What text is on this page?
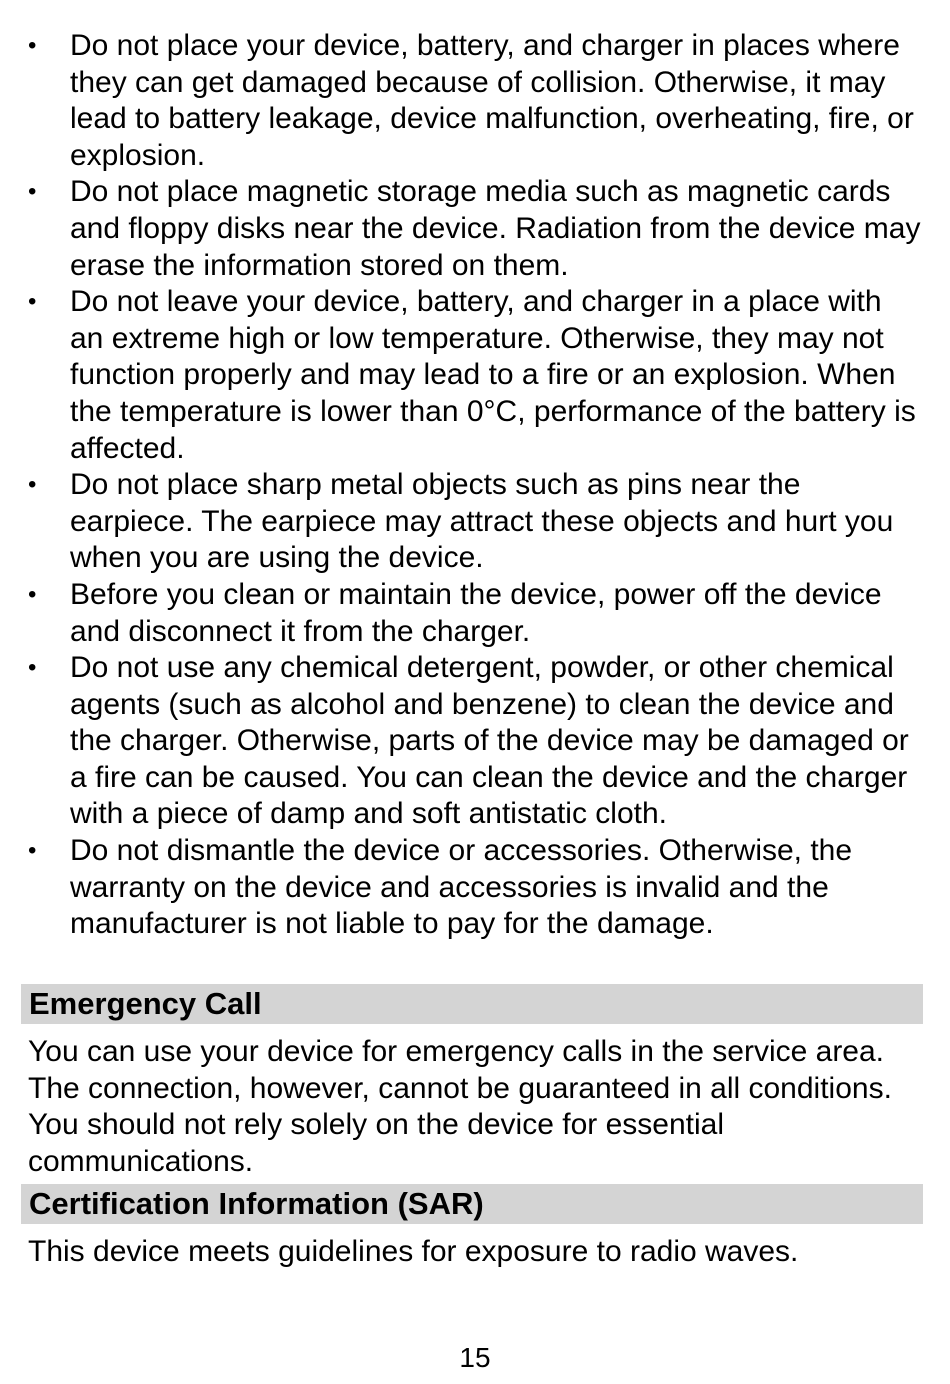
•	Do not place your device, battery, and charger in places where they can get damaged because of collision. Otherwise, it may lead to battery leakage, device malfunction, overheating, fire, or explosion.
•	Do not place magnetic storage media such as magnetic cards and floppy disks near the device. Radiation from the device may erase the information stored on them.
•	Do not leave your device, battery, and charger in a place with an extreme high or low temperature. Otherwise, they may not function properly and may lead to a fire or an explosion. When the temperature is lower than 0°C, performance of the battery is affected.
•	Do not place sharp metal objects such as pins near the earpiece. The earpiece may attract these objects and hurt you when you are using the device.
•	Before you clean or maintain the device, power off the device and disconnect it from the charger.
•	Do not use any chemical detergent, powder, or other chemical agents (such as alcohol and benzene) to clean the device and the charger. Otherwise, parts of the device may be damaged or a fire can be caused. You can clean the device and the charger with a piece of damp and soft antistatic cloth.
•	Do not dismantle the device or accessories. Otherwise, the warranty on the device and accessories is invalid and the manufacturer is not liable to pay for the damage.
Emergency Call
You can use your device for emergency calls in the service area. The connection, however, cannot be guaranteed in all conditions. You should not rely solely on the device for essential communications.
Certification Information (SAR)
This device meets guidelines for exposure to radio waves.
15
